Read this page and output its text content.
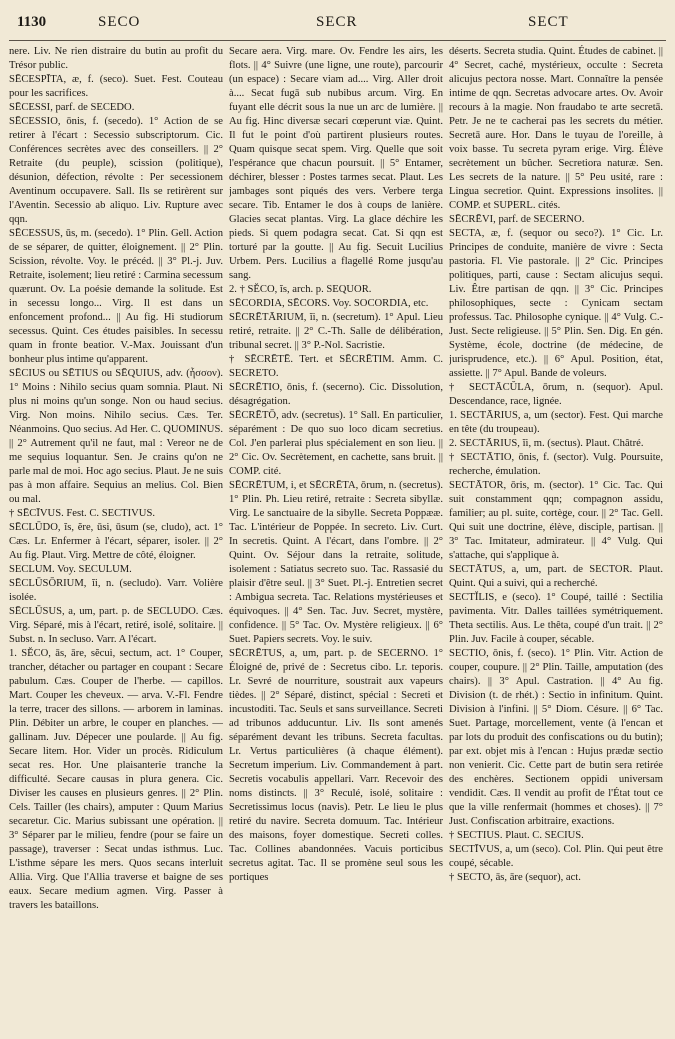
1130	SECO	SECR	SECT

nere. Liv. Ne rien distraire du butin au profit du Trésor public.

SĒCESPĪTA, æ, f. (seco). Suet. Fest. Couteau pour les sacrifices.

SĒCESSI, parf. de SECEDO.

SĒCESSIO, ōnis, f. (secedo). 1° Action de se retirer à l'écart : Secessio subscriptorum. Cic. Conférences secrètes avec des conseillers. || 2° Retraite (du peuple), scission (politique), désunion, défection, révolte : Per secessionem Aventinum occupavere. Sall. Ils se retirèrent sur l'Aventin. Secessio ab aliquo. Liv. Rupture avec qqn.

SĒCESSUS, ūs, m. (secedo). 1° Plin. Gell. Action de se séparer, de quitter, éloignement. || 2° Plin. Scission, révolte. Voy. le précéd. || 3° Pl.-j. Juv. Retraite, isolement; lieu retiré : Carmina secessum quærunt. Ov. La poésie demande la solitude. Est in secessu longo... Virg. Il est dans un enfoncement profond... || Au fig. Hi studiorum secessus. Quint. Ces études paisibles. In secessu quam in fronte beatior. V.-Max. Jouissant d'un bonheur plus intime qu'apparent.

SĒCIUS ou SĒTIUS ou SĒQUIUS, adv. (ἧσσον). 1° Moins : Nihilo secius quam somnia. Plaut. Ni plus ni moins qu'un songe. Non ou haud secius. Virg. Non moins. Nihilo secius. Cæs. Ter. Néanmoins. Quo secius. Ad Her. C. QUOMINUS. || 2° Autrement qu'il ne faut, mal : Vereor ne de me sequius loquantur. Sen. Je crains qu'on ne parle mal de moi. Hoc ago secius. Plaut. Je ne suis pas à mon affaire. Sequius an melius. Col. Bien ou mal.

† SĒCĪVUS. Fest. C. SECTIVUS.

SĒCLŪDO, ĭs, ĕre, ūsi, ūsum (se, cludo), act. 1° Cæs. Lr. Enfermer à l'écart, séparer, isoler. || 2° Au fig. Plaut. Virg. Mettre de côté, éloigner.

SECLUM. Voy. SECULUM.

SĒCLŪSŌRIUM, ĭi, n. (secludo). Varr. Volière isolée.

SĒCLŪSUS, a, um, part. p. de SECLUDO. Cæs. Virg. Séparé, mis à l'écart, retiré, isolé, solitaire. || Subst. n. In secluso. Varr. A l'écart.

1. SĔCO, ās, āre, sĕcui, sectum, act. 1° Couper, trancher, détacher ou partager en coupant : Secare pabulum. Cæs. Couper de l'herbe. — capillos. Mart. Couper les cheveux. — arva. V.-Fl. Fendre la terre, tracer des sillons. — arborem in laminas. Plin. Débiter un arbre, le couper en planches. — gallinam. Juv. Dépecer une poularde. || Au fig. Secare litem. Hor. Vider un procès. Ridiculum secat res. Hor. Une plaisanterie tranche la difficulté. Secare causas in plura genera. Cic. Diviser les causes en plusieurs genres. || 2° Plin. Cels. Tailler (les chairs), amputer : Quum Marius secaretur. Cic. Marius subissant une opération. || 3° Séparer par le milieu, fendre (pour se faire un passage), traverser : Secat undas isthmus. Luc. L'isthme sépare les mers. Quos secans interluit Allia. Virg. Que l'Allia traverse et baigne de ses eaux. Secare medium agmen. Virg. Passer à travers les bataillons.

Secare aera. Virg. mare. Ov. Fendre les airs, les flots. || 4° Suivre (une ligne, une route), parcourir (un espace) : Secare viam ad.... Virg. Aller droit à.... Secat fugā sub nubibus arcum. Virg. En fuyant elle décrit sous la nue un arc de lumière. || Au fig. Hinc diversæ secari cœperunt viæ. Quint. Il fut le point d'où partirent plusieurs routes. Quam quisque secat spem. Virg. Quelle que soit l'espérance que chacun poursuit. || 5° Entamer, déchirer, blesser : Postes tarmes secat. Plaut. Les jambages sont piqués des vers. Verbere terga secare. Tib. Entamer le dos à coups de lanière. Glacies secat plantas. Virg. La glace déchire les pieds. Si quem podagra secat. Cat. Si qqn est torturé par la goutte. || Au fig. Secuit Lucilius Urbem. Pers. Lucilius a flagellé Rome jusqu'au sang.

2. † SĔCO, ĭs, arch. p. SEQUOR.

SĒCORDIA, SĒCORS. Voy. SOCORDIA, etc.

SĒCRĒTĀRIUM, ĭi, n. (secretum). 1° Apul. Lieu retiré, retraite. || 2° C.-Th. Salle de délibération, tribunal secret. || 3° P.-Nol. Sacristie.

† SĒCRĒTĒ. Tert. et SĒCRĒTIM. Amm. C. SECRETO.

SĒCRĒTIO, ōnis, f. (secerno). Cic. Dissolution, désagrégation.

SĒCRĒTŌ, adv. (secretus). 1° Sall. En particulier, séparément : De quo suo loco dicam secretius. Col. J'en parlerai plus spécialement en son lieu. || 2° Cic. Ov. Secrètement, en cachette, sans bruit. || COMP. cité.

SĒCRĒTUM, i, et SĒCRĒTA, ōrum, n. (secretus). 1° Plin. Ph. Lieu retiré, retraite : Secreta sibyllæ. Virg. Le sanctuaire de la sibylle. Secreta Poppææ. Tac. L'intérieur de Poppée. In secreto. Liv. Curt. In secretis. Quint. A l'écart, dans l'ombre. || 2° Quint. Ov. Séjour dans la retraite, solitude, isolement : Satiatus secreto suo. Tac. Rassasié du plaisir d'être seul. || 3° Suet. Pl.-j. Entretien secret : Ambigua secreta. Tac. Relations mystérieuses et équivoques. || 4° Sen. Tac. Juv. Secret, mystère, confidence. || 5° Tac. Ov. Mystère religieux. || 6° Suet. Papiers secrets. Voy. le suiv.

SĒCRĒTUS, a, um, part. p. de SECERNO. 1° Éloigné de, privé de : Secretus cibo. Lr. teporis. Lr. Sevré de nourriture, soustrait aux vapeurs tièdes. || 2° Séparé, distinct, spécial : Secreti et incustoditi. Tac. Seuls et sans surveillance. Secreti ad tribunos adducuntur. Liv. Ils sont amenés séparément devant les tribuns. Secreta facultas. Lr. Vertus particulières (à chaque élément). Secretum imperium. Liv. Commandement à part. Secretis vocabulis appellari. Varr. Recevoir des noms distincts. || 3° Reculé, isolé, solitaire : Secretissimus locus (navis). Petr. Le lieu le plus retiré du navire. Secreta domuum. Tac. Intérieur des maisons, foyer domestique. Secreti colles. Tac. Collines abandonnées. Vacuis porticibus secretus agitat. Tac. Il se promène seul sous les portiques

déserts. Secreta studia. Quint. Études de cabinet. || 4° Secret, caché, mystérieux, occulte : Secreta alicujus pectora nosse. Mart. Connaître la pensée intime de qqn. Secretas advocare artes. Ov. Avoir recours à la magie. Non fraudabo te arte secretā. Petr. Je ne te cacherai pas les secrets du métier. Secretā aure. Hor. Dans le tuyau de l'oreille, à voix basse. Tu secreta pyram erige. Virg. Élève secrètement un bûcher. Secretiora naturæ. Sen. Les secrets de la nature. || 5° Peu usité, rare : Lingua secretior. Quint. Expressions insolites. || COMP. et SUPERL. cités.

SĒCRĒVI, parf. de SECERNO.

SECTA, æ, f. (sequor ou seco?). 1° Cic. Lr. Principes de conduite, manière de vivre : Secta pastoria. Fl. Vie pastorale. || 2° Cic. Principes politiques, parti, cause : Sectam alicujus sequi. Liv. Être partisan de qqn. || 3° Cic. Principes philosophiques, secte : Cynicam sectam professus. Tac. Philosophe cynique. || 4° Vulg. C.-Just. Secte religieuse. || 5° Plin. Sen. Dig. En gén. Système, école, doctrine (de médecine, de jurisprudence, etc.). || 6° Apul. Position, état, assiette. || 7° Apul. Bande de voleurs.

† SECTĀCŬLA, ōrum, n. (sequor). Apul. Descendance, race, lignée.

1. SECTĀRIUS, a, um (sector). Fest. Qui marche en tête (du troupeau).

2. SECTĀRIUS, ĭi, m. (sectus). Plaut. Châtré.

† SECTĀTIO, ōnis, f. (sector). Vulg. Poursuite, recherche, émulation.

SECTĀTOR, ōris, m. (sector). 1° Cic. Tac. Qui suit constamment qqn; compagnon assidu, familier; au pl. suite, cortège, cour. || 2° Tac. Gell. Qui suit une doctrine, élève, disciple, partisan. || 3° Tac. Imitateur, admirateur. || 4° Vulg. Qui s'attache, qui s'applique à.

SECTĀTUS, a, um, part. de SECTOR. Plaut. Quint. Qui a suivi, qui a recherché.

SECTĬLIS, e (seco). 1° Coupé, taillé : Sectilia pavimenta. Vitr. Dalles taillées symétriquement. Theta sectilis. Aus. Le thêta, coupé d'un trait. || 2° Plin. Juv. Facile à couper, sécable.

SECTIO, ōnis, f. (seco). 1° Plin. Vitr. Action de couper, coupure. || 2° Plin. Taille, amputation (des chairs). || 3° Apul. Castration. || 4° Au fig. Division (t. de rhét.) : Sectio in infinitum. Quint. Division à l'infini. || 5° Diom. Césure. || 6° Tac. Suet. Partage, morcellement, vente (à l'encan et par lots du produit des confiscations ou du butin); par ext. objet mis à l'encan : Hujus prædæ sectio non venierit. Cic. Cette part de butin sera retirée des enchères. Sectionem oppidi universam vendidit. Cæs. Il vendit au profit de l'État tout ce que la ville renfermait (hommes et choses). || 7° Just. Confiscation arbitraire, exactions.

† SECTIUS. Plaut. C. SECIUS.

SECTĪVUS, a, um (seco). Col. Plin. Qui peut être coupé, sécable.

† SECTO, ās, āre (sequor), act.
